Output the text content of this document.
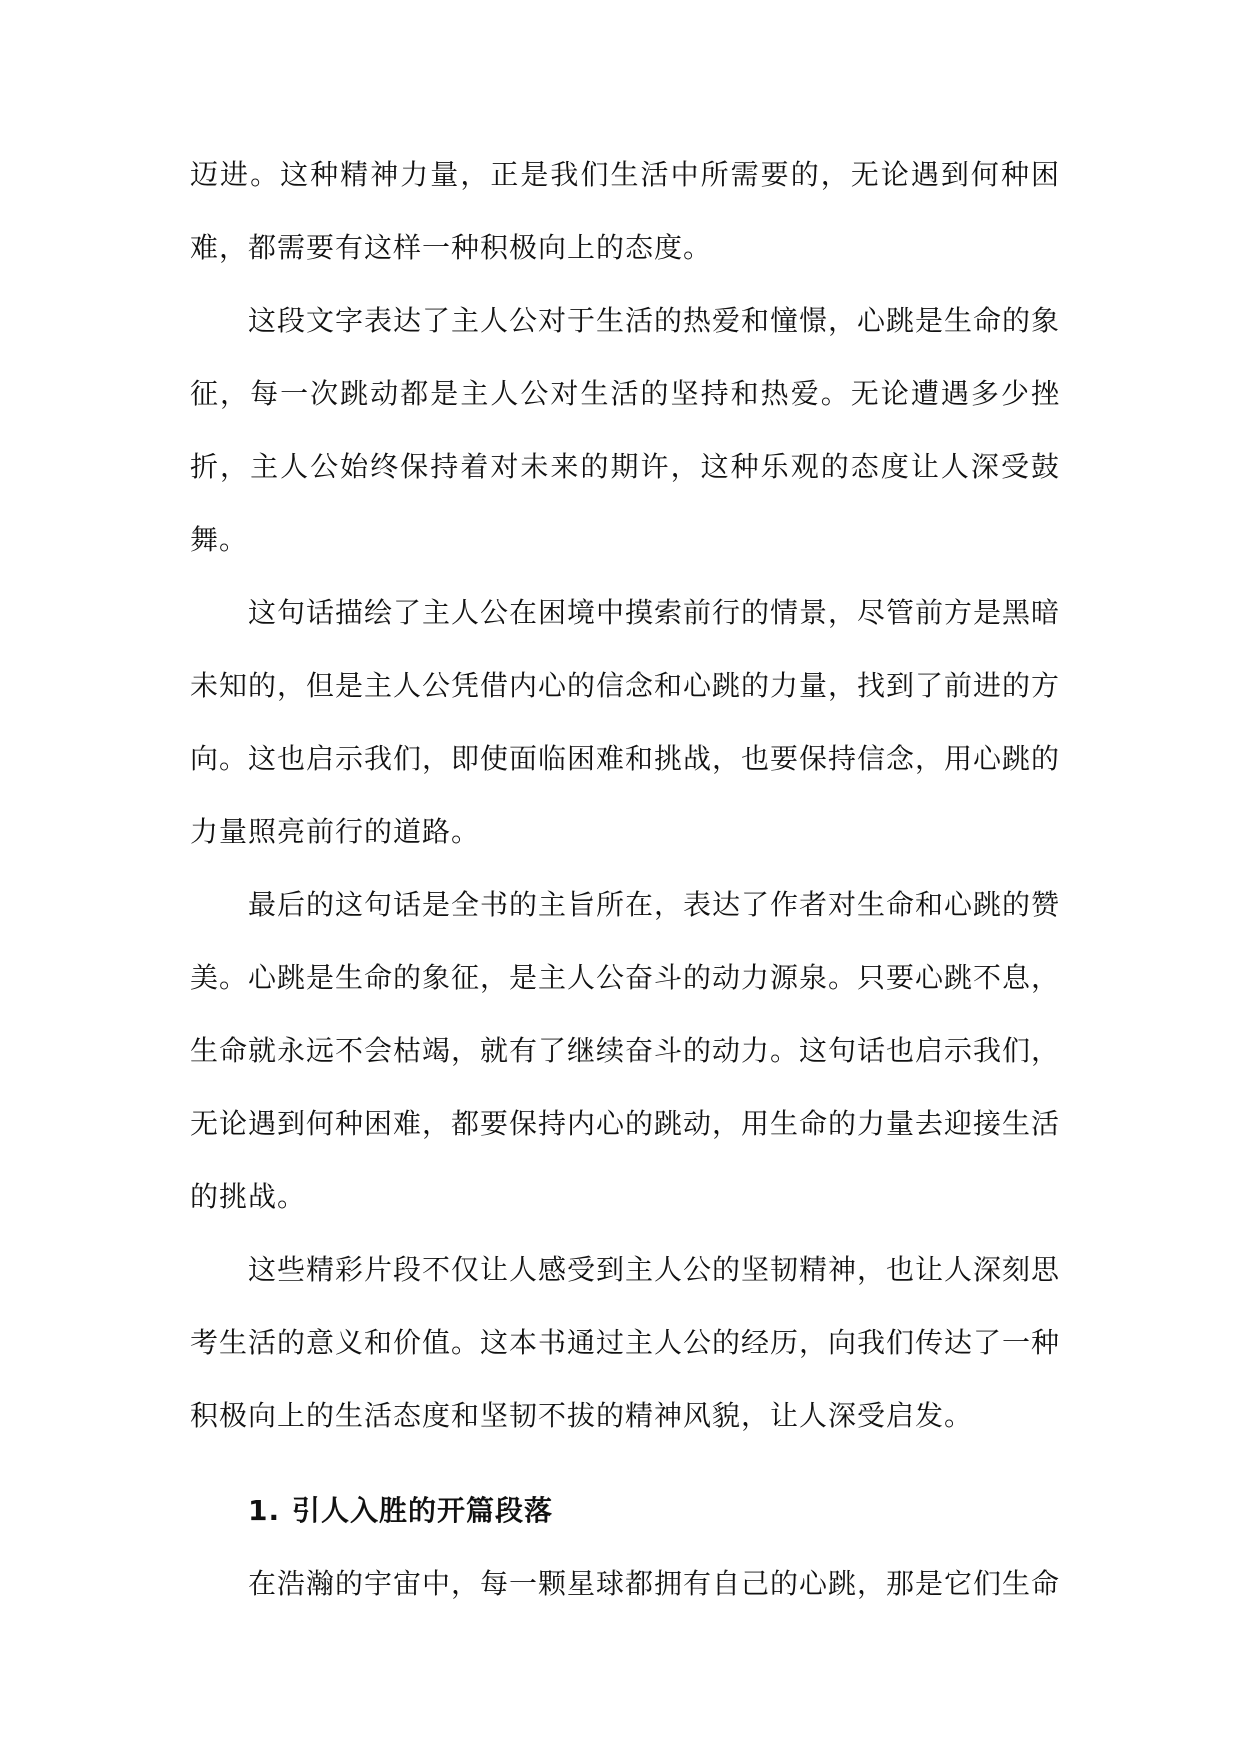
迈进。这种精神力量，正是我们生活中所需要的，无论遇到何种困难，都需要有这样一种积极向上的态度。

这段文字表达了主人公对于生活的热爱和憧憬，心跳是生命的象征，每一次跳动都是主人公对生活的坚持和热爱。无论遭遇多少挫折，主人公始终保持着对未来的期许，这种乐观的态度让人深受鼓舞。

这句话描绘了主人公在困境中摸索前行的情景，尽管前方是黑暗未知的，但是主人公凭借内心的信念和心跳的力量，找到了前进的方向。这也启示我们，即使面临困难和挑战，也要保持信念，用心跳的力量照亮前行的道路。

最后的这句话是全书的主旨所在，表达了作者对生命和心跳的赞美。心跳是生命的象征，是主人公奋斗的动力源泉。只要心跳不息，生命就永远不会枯竭，就有了继续奋斗的动力。这句话也启示我们，无论遇到何种困难，都要保持内心的跳动，用生命的力量去迎接生活的挑战。

这些精彩片段不仅让人感受到主人公的坚韧精神，也让人深刻思考生活的意义和价值。这本书通过主人公的经历，向我们传达了一种积极向上的生活态度和坚韧不拔的精神风貌，让人深受启发。

1. 引人入胜的开篇段落

在浩瀚的宇宙中，每一颗星球都拥有自己的心跳，那是它们生命
